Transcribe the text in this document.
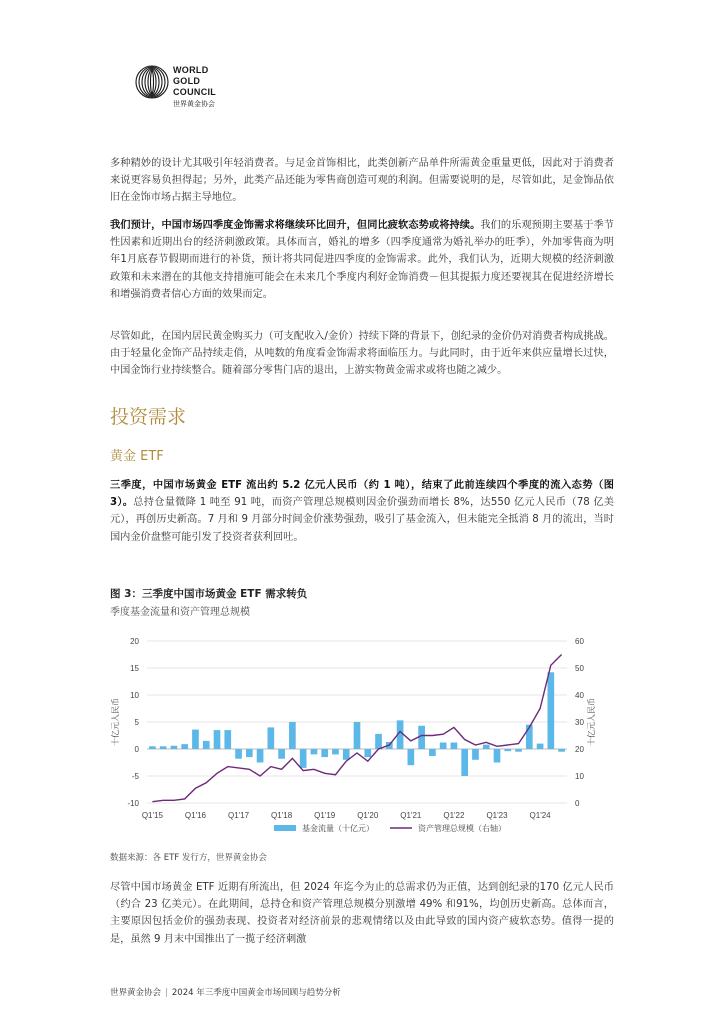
WORLD
GOLD
COUNCIL
世界黄金协会
多种精妙的设计尤其吸引年轻消费者。与足金首饰相比，此类创新产品单件所需黄金重量更低，因此对于消费者来说更容易负担得起；另外，此类产品还能为零售商创造可观的利润。但需要说明的是，尽管如此，足金饰品依旧在金饰市场占据主导地位。
我们预计，中国市场四季度金饰需求将继续环比回升，但同比疲软态势或将持续。我们的乐观预期主要基于季节性因素和近期出台的经济刺激政策。具体而言，婚礼的增多（四季度通常为婚礼举办的旺季），外加零售商为明年1月底春节假期而进行的补货，预计将共同促进四季度的金饰需求。此外，我们认为，近期大规模的经济刺激政策和未来潜在的其他支持措施可能会在未来几个季度内利好金饰消费－但其提振力度还要视其在促进经济增长和增强消费者信心方面的效果而定。
尽管如此，在国内居民黄金购买力（可支配收入/金价）持续下降的背景下，创纪录的金价仍对消费者构成挑战。由于轻量化金饰产品持续走俏，从吨数的角度看金饰需求将面临压力。与此同时，由于近年来供应量增长过快，中国金饰行业持续整合。随着部分零售门店的退出，上游实物黄金需求或将也随之减少。
投资需求
黄金 ETF
三季度，中国市场黄金 ETF 流出约 5.2 亿元人民币（约 1 吨），结束了此前连续四个季度的流入态势（图 3）。总持仓量微降 1 吨至 91 吨，而资产管理总规模则因金价强劲而增长 8%，达550 亿元人民币（78 亿美元），再创历史新高。7 月和 9 月部分时间金价涨势强劲，吸引了基金流入，但未能完全抵消 8 月的流出，当时国内金价盘整可能引发了投资者获利回吐。
图 3：三季度中国市场黄金 ETF 需求转负
季度基金流量和资产管理总规模
20
15
10
5
0
-5
-10
60
50
40
30
20
10
0
十亿元人民币	十亿元人民币
Q1'15	Q1'16	Q1'17	Q1'18	Q1'19	Q1'20	Q1'21	Q1'22	Q1'23	Q1'24
基金流量（十亿元）	资产管理总规模（右轴）
数据来源：各 ETF 发行方，世界黄金协会
尽管中国市场黄金 ETF 近期有所流出，但 2024 年迄今为止的总需求仍为正值，达到创纪录的170 亿元人民币（约合 23 亿美元）。在此期间，总持仓和资产管理总规模分别激增 49% 和91%，均创历史新高。总体而言，主要原因包括金价的强劲表现、投资者对经济前景的悲观情绪以及由此导致的国内资产疲软态势。值得一提的是，虽然 9 月末中国推出了一揽子经济刺激
世界黄金协会 | 2024 年三季度中国黄金市场回顾与趋势分析
